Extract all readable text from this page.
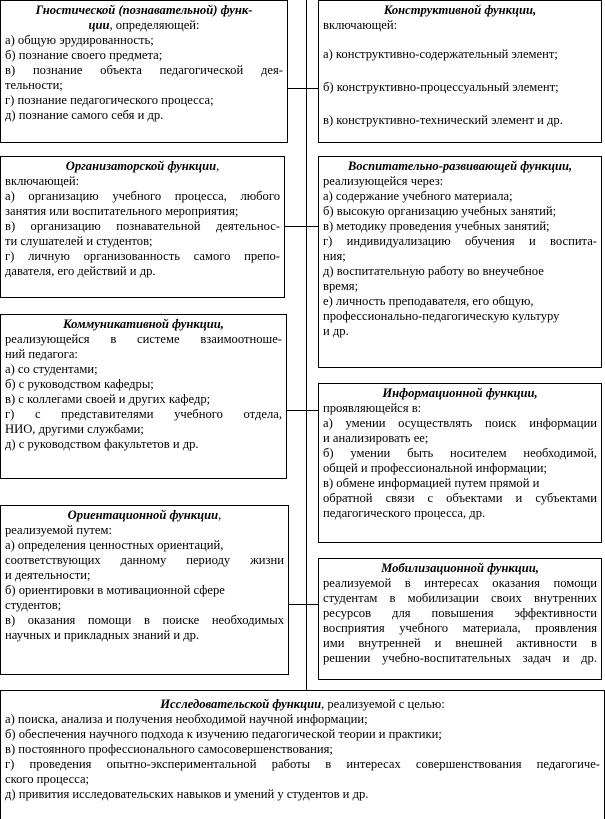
Гностической (познавательной) функ-
ции, определяющей:
а) общую эрудированность;
б) познание своего предмета;
в) познание объекта педагогической дея-
тельности;
г) познание педагогического процесса;
д) познание самого себя и др.
Конструктивной функции,
включающей:
а) конструктивно-содержательный элемент;
б) конструктивно-процессуальный элемент;
в) конструктивно-технический элемент и др.
Организаторской функции,
включающей:
а) организацию учебного процесса, любого
занятия или воспитательного мероприятия;
в) организацию познавательной деятельнос-
ти слушателей и студентов;
г) личную организованность самого препо-
давателя, его действий и др.
Воспитательно-развивающей функции,
реализующейся через:
а) содержание учебного материала;
б) высокую организацию учебных занятий;
в) методику проведения учебных занятий;
г) индивидуализацию обучения и воспита-
ния;
д) воспитательную работу во внеучебное
время;
е) личность преподавателя, его общую,
профессионально-педагогическую культуру
и др.
Коммуникативной функции,
реализующейся в системе взаимоотноше-
ний педагога:
а) со студентами;
б) с руководством кафедры;
в) с коллегами своей и других кафедр;
г) с представителями учебного отдела,
НИО, другими службами;
д) с руководством факультетов и др.
Информационной функции,
проявляющейся в:
а) умении осуществлять поиск информации
и анализировать ее;
б) умении быть носителем необходимой,
общей и профессиональной информации;
в) обмене информацией путем прямой и
обратной связи с объектами и субъектами
педагогического процесса, др.
Ориентационной функции,
реализуемой путем:
а) определения ценностных ориентаций,
соответствующих данному периоду жизни
и деятельности;
б) ориентировки в мотивационной сфере
студентов;
в) оказания помощи в поиске необходимых
научных и прикладных знаний и др.
Мобилизационной функции,
реализуемой в интересах оказания помощи
студентам в мобилизации своих внутренних
ресурсов для повышения эффективности
восприятия учебного материала, проявления
ими внутренней и внешней активности в
решении учебно-воспитательных задач и др.
Исследовательской функции, реализуемой с целью:
а) поиска, анализа и получения необходимой научной информации;
б) обеспечения научного подхода к изучению педагогической теории и практики;
в) постоянного профессионального самосовершенствования;
г) проведения опытно-экспериментальной работы в интересах совершенствования педагогиче-
ского процесса;
д) привития исследовательских навыков и умений у студентов и др.
